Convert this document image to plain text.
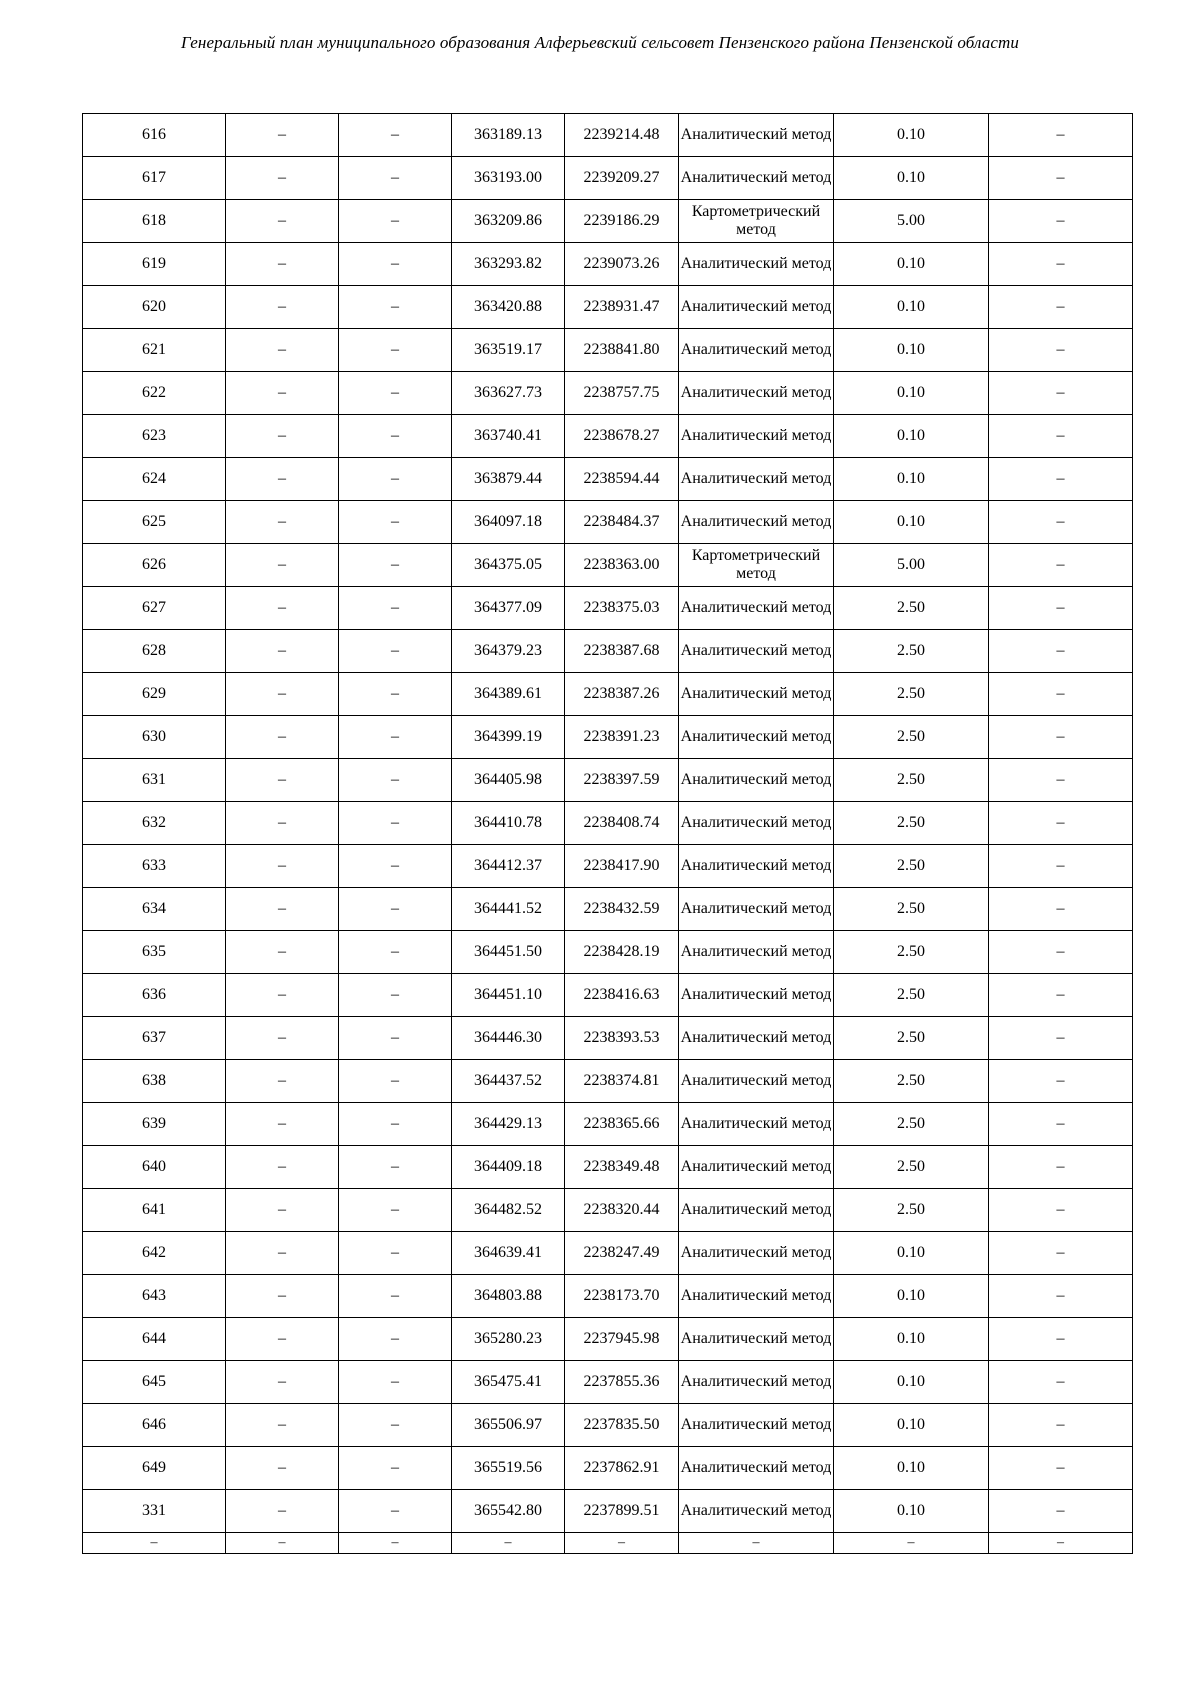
Генеральный план муниципального образования Алферьевский сельсовет Пензенского района Пензенской области
616	–	–	363189.13	2239214.48	Аналитический метод	0.10	–
617	–	–	363193.00	2239209.27	Аналитический метод	0.10	–
618	–	–	363209.86	2239186.29	Картометрический метод	5.00	–
619	–	–	363293.82	2239073.26	Аналитический метод	0.10	–
620	–	–	363420.88	2238931.47	Аналитический метод	0.10	–
621	–	–	363519.17	2238841.80	Аналитический метод	0.10	–
622	–	–	363627.73	2238757.75	Аналитический метод	0.10	–
623	–	–	363740.41	2238678.27	Аналитический метод	0.10	–
624	–	–	363879.44	2238594.44	Аналитический метод	0.10	–
625	–	–	364097.18	2238484.37	Аналитический метод	0.10	–
626	–	–	364375.05	2238363.00	Картометрический метод	5.00	–
627	–	–	364377.09	2238375.03	Аналитический метод	2.50	–
628	–	–	364379.23	2238387.68	Аналитический метод	2.50	–
629	–	–	364389.61	2238387.26	Аналитический метод	2.50	–
630	–	–	364399.19	2238391.23	Аналитический метод	2.50	–
631	–	–	364405.98	2238397.59	Аналитический метод	2.50	–
632	–	–	364410.78	2238408.74	Аналитический метод	2.50	–
633	–	–	364412.37	2238417.90	Аналитический метод	2.50	–
634	–	–	364441.52	2238432.59	Аналитический метод	2.50	–
635	–	–	364451.50	2238428.19	Аналитический метод	2.50	–
636	–	–	364451.10	2238416.63	Аналитический метод	2.50	–
637	–	–	364446.30	2238393.53	Аналитический метод	2.50	–
638	–	–	364437.52	2238374.81	Аналитический метод	2.50	–
639	–	–	364429.13	2238365.66	Аналитический метод	2.50	–
640	–	–	364409.18	2238349.48	Аналитический метод	2.50	–
641	–	–	364482.52	2238320.44	Аналитический метод	2.50	–
642	–	–	364639.41	2238247.49	Аналитический метод	0.10	–
643	–	–	364803.88	2238173.70	Аналитический метод	0.10	–
644	–	–	365280.23	2237945.98	Аналитический метод	0.10	–
645	–	–	365475.41	2237855.36	Аналитический метод	0.10	–
646	–	–	365506.97	2237835.50	Аналитический метод	0.10	–
649	–	–	365519.56	2237862.91	Аналитический метод	0.10	–
331	–	–	365542.80	2237899.51	Аналитический метод	0.10	–
–	–	–	–	–	–	–	–
